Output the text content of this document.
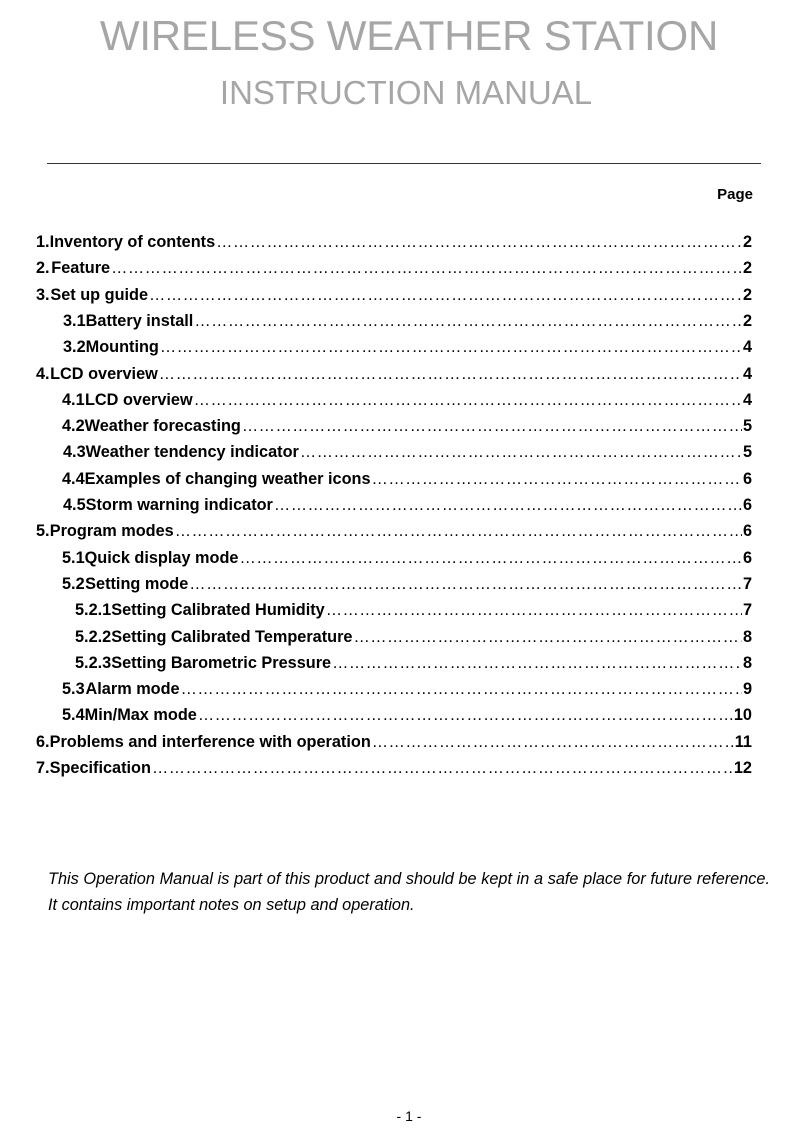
WIRELESS WEATHER STATION
INSTRUCTION MANUAL
Page
1. Inventory of contents …………………………………………………………………………………………………………………………………………………………………………	2
2. Feature …………………………………………………………………………………………………………………………………………………………………………	2
3. Set up guide …………………………………………………………………………………………………………………………………………………………………………	2
3.1 Battery install …………………………………………………………………………………………………………………………………………………………………………	2
3.2 Mounting …………………………………………………………………………………………………………………………………………………………………………	4
4. LCD overview …………………………………………………………………………………………………………………………………………………………………………	4
4.1 LCD overview …………………………………………………………………………………………………………………………………………………………………………	4
4.2 Weather forecasting …………………………………………………………………………………………………………………………………………………………………………	5
4.3 Weather tendency indicator …………………………………………………………………………………………………………………………………………………………………………	5
4.4 Examples of changing weather icons …………………………………………………………………………………………………………………………………………………………………………	6
4.5 Storm warning indicator …………………………………………………………………………………………………………………………………………………………………………	6
5. Program modes …………………………………………………………………………………………………………………………………………………………………………	6
5.1 Quick display mode …………………………………………………………………………………………………………………………………………………………………………	6
5.2 Setting mode …………………………………………………………………………………………………………………………………………………………………………	7
5.2.1 Setting Calibrated Humidity …………………………………………………………………………………………………………………………………………………………………………	7
5.2.2 Setting Calibrated Temperature …………………………………………………………………………………………………………………………………………………………………………	8
5.2.3 Setting Barometric Pressure …………………………………………………………………………………………………………………………………………………………………………	8
5.3 Alarm mode …………………………………………………………………………………………………………………………………………………………………………	9
5.4 Min/Max mode …………………………………………………………………………………………………………………………………………………………………………	10
6. Problems and interference with operation …………………………………………………………………………………………………………………………………………………………………………	11
7. Specification …………………………………………………………………………………………………………………………………………………………………………	12
This Operation Manual is part of this product and should be kept in a safe place for future reference. It contains important notes on setup and operation.
- 1 -
